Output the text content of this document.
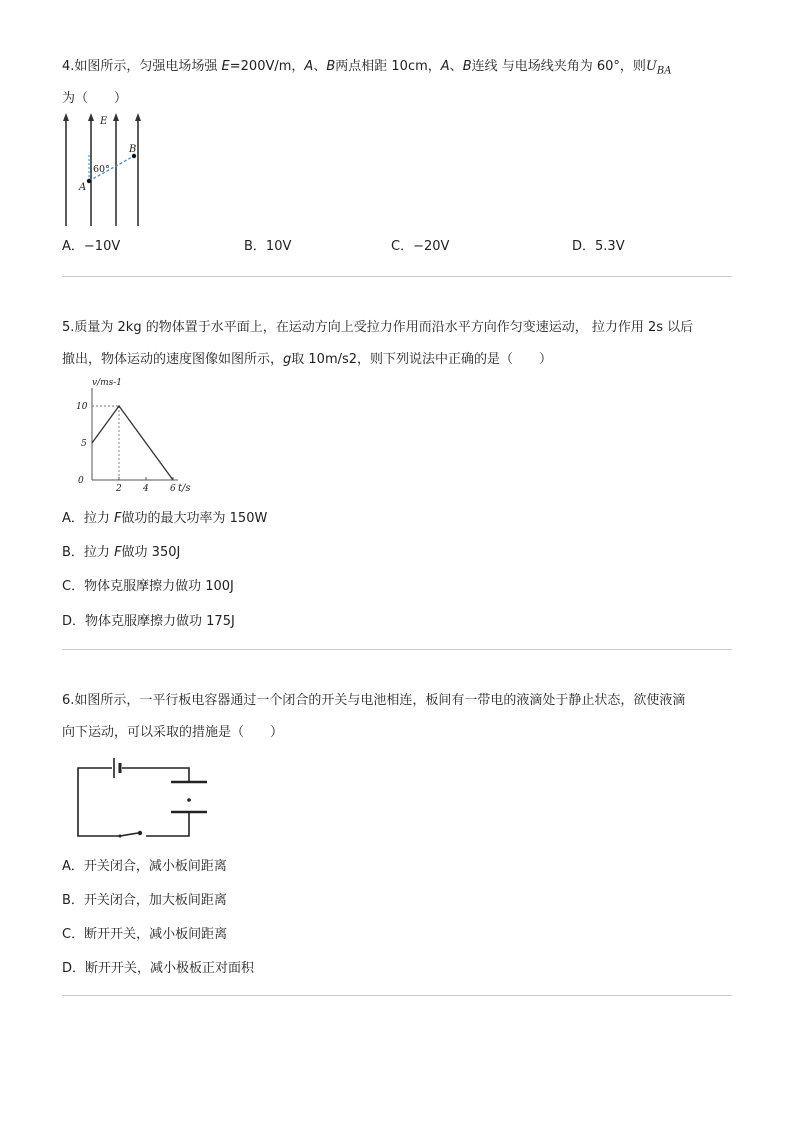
4.如图所示，匀强电场场强 E=200V/m，A、B两点相距 10cm，A、B连线 与电场线夹角为 60°，则$U_{BA}$
为（　　）
E
A
B
60°
A．−10V	B．10V	C．−20V	D．5.3V
5.质量为 2kg 的物体置于水平面上，在运动方向上受拉力作用而沿水平方向作匀变速运动， 拉力作用 2s 以后
撤出，物体运动的速度图像如图所示，g取 10m/s2，则下列说法中正确的是（　　）
v/ms-1
t/s
0
2 4 6
5
10
A．拉力 F做功的最大功率为 150W
B．拉力 F做功 350J
C．物体克服摩擦力做功 100J
D．物体克服摩擦力做功 175J
6.如图所示，一平行板电容器通过一个闭合的开关与电池相连，板间有一带电的液滴处于静止状态，欲使液滴
向下运动，可以采取的措施是（　　）
A．开关闭合，减小板间距离
B．开关闭合，加大板间距离
C．断开开关，减小板间距离
D．断开开关，减小极板正对面积
